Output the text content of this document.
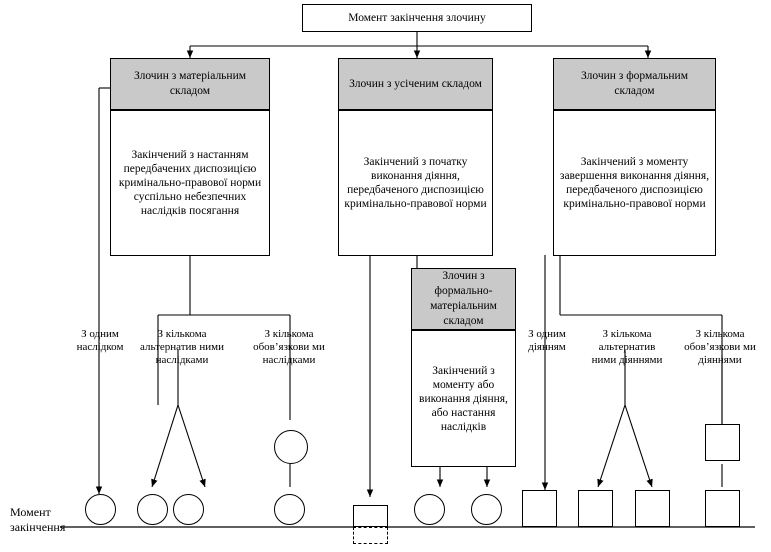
Момент закінчення злочину
Злочин з матеріальним складом
Закінчений з настанням передбачених диспозицією кримінально-правової норми суспільно небезпечних наслідків посягання
Злочин з усіченим складом
Закінчений з початку виконання діяння, передбаченого диспозицією кримінально-правової норми
Злочин з формальним складом
Закінчений з моменту завершення виконання діяння, передбаченого диспозицією кримінально-правової норми
Злочин з формально-матеріальним складом
Закінчений з моменту або виконання діяння, або настання наслідків
З одним наслідком
З кількома альтернатив ними наслідками
З кількома обов’язкови ми наслідками
З одним діянням
З кількома альтернатив ними діяннями
З кількома обов’язкови ми діяннями
Момент закінчення
